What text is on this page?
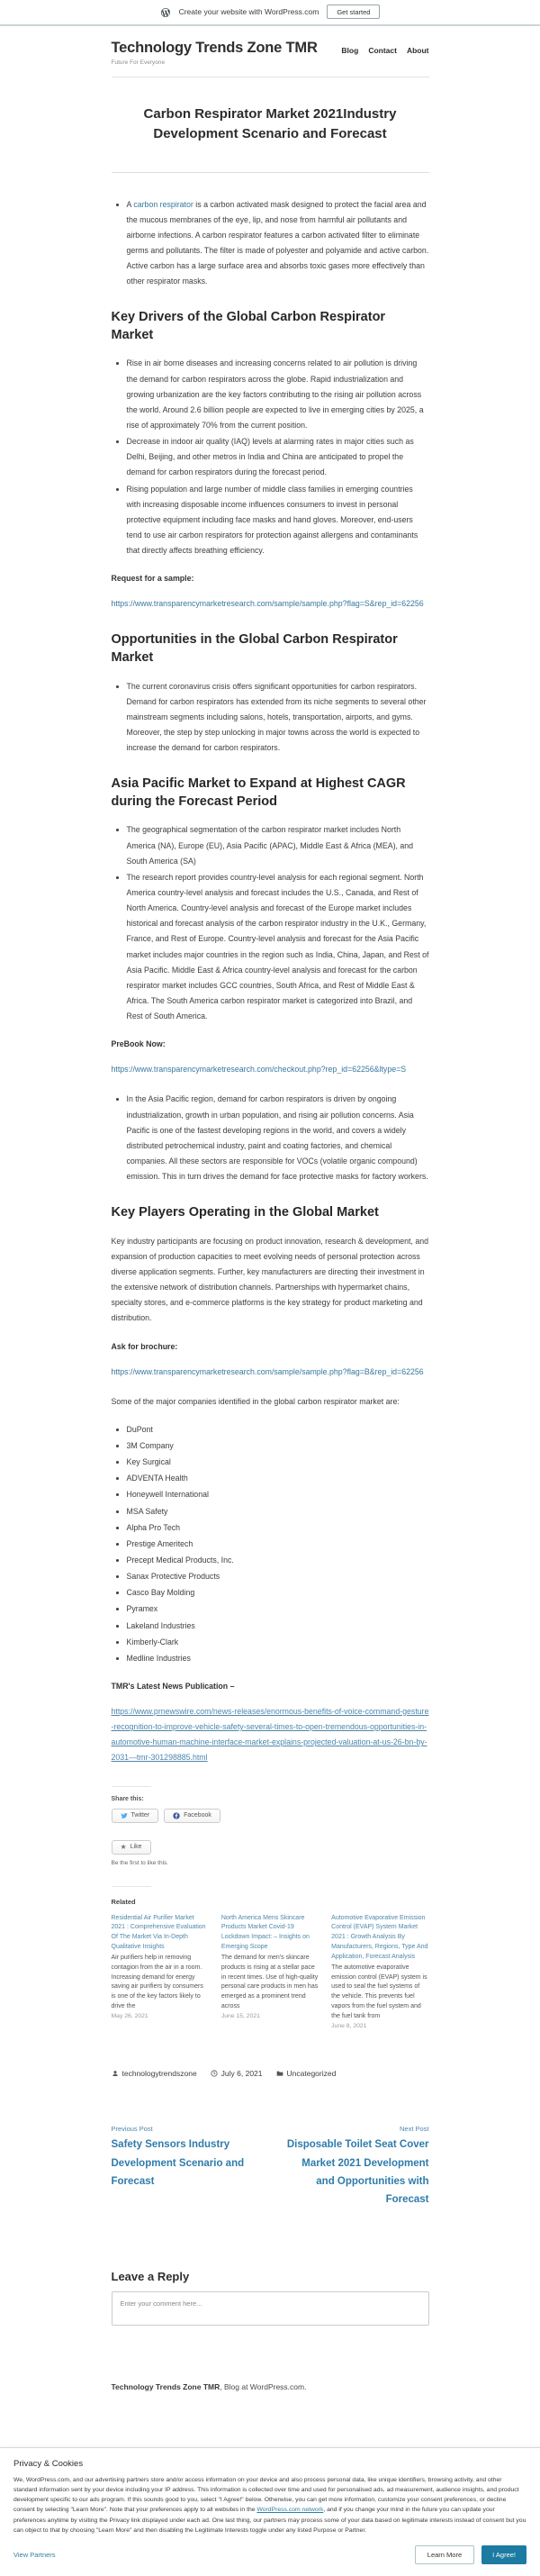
Create your website with WordPress.com	Get started
Technology Trends Zone TMR
Future For Everyone
Blog Contact About
Carbon Respirator Market 2021Industry Development Scenario and Forecast
• A carbon respirator is a carbon activated mask designed to protect the facial area and the mucous membranes of the eye, lip, and nose from harmful air pollutants and airborne infections. A carbon respirator features a carbon activated filter to eliminate germs and pollutants. The filter is made of polyester and polyamide and active carbon. Active carbon has a large surface area and absorbs toxic gases more effectively than other respirator masks.
Key Drivers of the Global Carbon Respirator Market
• Rise in air borne diseases and increasing concerns related to air pollution is driving the demand for carbon respirators across the globe. Rapid industrialization and growing urbanization are the key factors contributing to the rising air pollution across the world. Around 2.6 billion people are expected to live in emerging cities by 2025, a rise of approximately 70% from the current position.
• Decrease in indoor air quality (IAQ) levels at alarming rates in major cities such as Delhi, Beijing, and other metros in India and China are anticipated to propel the demand for carbon respirators during the forecast period.
• Rising population and large number of middle class families in emerging countries with increasing disposable income influences consumers to invest in personal protective equipment including face masks and hand gloves. Moreover, end-users tend to use air carbon respirators for protection against allergens and contaminants that directly affects breathing efficiency.

Request for a sample:

https://www.transparencymarketresearch.com/sample/sample.php?flag=S&rep_id=62256
Opportunities in the Global Carbon Respirator Market
• The current coronavirus crisis offers significant opportunities for carbon respirators. Demand for carbon respirators has extended from its niche segments to several other mainstream segments including salons, hotels, transportation, airports, and gyms. Moreover, the step by step unlocking in major towns across the world is expected to increase the demand for carbon respirators.
Asia Pacific Market to Expand at Highest CAGR during the Forecast Period
• The geographical segmentation of the carbon respirator market includes North America (NA), Europe (EU), Asia Pacific (APAC), Middle East & Africa (MEA), and South America (SA)
• The research report provides country-level analysis for each regional segment. North America country-level analysis and forecast includes the U.S., Canada, and Rest of North America. Country-level analysis and forecast of the Europe market includes historical and forecast analysis of the carbon respirator industry in the U.K., Germany, France, and Rest of Europe. Country-level analysis and forecast for the Asia Pacific market includes major countries in the region such as India, China, Japan, and Rest of Asia Pacific. Middle East & Africa country-level analysis and forecast for the carbon respirator market includes GCC countries, South Africa, and Rest of Middle East & Africa. The South America carbon respirator market is categorized into Brazil, and Rest of South America.

PreBook Now:

https://www.transparencymarketresearch.com/checkout.php?rep_id=62256&ltype=S
• In the Asia Pacific region, demand for carbon respirators is driven by ongoing industrialization, growth in urban population, and rising air pollution concerns. Asia Pacific is one of the fastest developing regions in the world, and covers a widely distributed petrochemical industry, paint and coating factories, and chemical companies. All these sectors are responsible for VOCs (volatile organic compound) emission. This in turn drives the demand for face protective masks for factory workers.
Key Players Operating in the Global Market

Key industry participants are focusing on product innovation, research & development, and expansion of production capacities to meet evolving needs of personal protection across diverse application segments. Further, key manufacturers are directing their investment in the extensive network of distribution channels. Partnerships with hypermarket chains, specialty stores, and e-commerce platforms is the key strategy for product marketing and distribution.

Ask for brochure:

https://www.transparencymarketresearch.com/sample/sample.php?flag=B&rep_id=62256

Some of the major companies identified in the global carbon respirator market are:

• DuPont
• 3M Company
• Key Surgical
• ADVENTA Health
• Honeywell International
• MSA Safety
• Alpha Pro Tech
• Prestige Ameritech
• Precept Medical Products, Inc.
• Sanax Protective Products
• Casco Bay Molding
• Pyramex
• Lakeland Industries
• Kimberly-Clark
• Medline Industries

TMR's Latest News Publication –

https://www.prnewswire.com/news-releases/enormous-benefits-of-voice-command-gesture-recognition-to-improve-vehicle-safety-several-times-to-open-tremendous-opportunities-in-automotive-human-machine-interface-market-explains-projected-valuation-at-us-26-bn-by-2031—tmr-301298885.html
Share this:
Twitter	Facebook
★ Like
Be the first to like this.
Related
Residential Air Purifier Market 2021 : Comprehensive Evaluation Of The Market Via In-Depth Qualitative Insights
Air purifiers help in removing contagion from the air in a room. Increasing demand for energy saving air purifiers by consumers is one of the key factors likely to drive the
May 26, 2021
North America Mens Skincare Products Market Covid-19 Lockdown Impact: – Insights on Emerging Scope
The demand for men's skincare products is rising at a stellar pace in recent times. Use of high-quality personal care products in men has emerged as a prominent trend across
June 15, 2021
Automotive Evaporative Emission Control (EVAP) System Market 2021 : Growth Analysis By Manufacturers, Regions, Type And Application, Forecast Analysis
The automotive evaporative emission control (EVAP) system is used to seal the fuel systems of the vehicle. This prevents fuel vapors from the fuel system and the fuel tank from
June 8, 2021
technologytrendszone	July 6, 2021	Uncategorized
Previous Post
Safety Sensors Industry Development Scenario and Forecast
Next Post
Disposable Toilet Seat Cover Market 2021 Development and Opportunities with Forecast
Leave a Reply
Enter your comment here...
Technology Trends Zone TMR, Blog at WordPress.com.
Privacy & Cookies

We, WordPress.com, and our advertising partners store and/or access information on your device and also process personal data, like unique identifiers, browsing activity, and other standard information sent by your device including your IP address. This information is collected over time and used for personalised ads, ad measurement, audience insights, and product development specific to our ads program. If this sounds good to you, select "I Agree!" below. Otherwise, you can get more information, customize your consent preferences, or decline consent by selecting "Learn More". Note that your preferences apply to all websites in the WordPress.com network, and if you change your mind in the future you can update your preferences anytime by visiting the Privacy link displayed under each ad. One last thing, our partners may process some of your data based on legitimate interests instead of consent but you can object to that by choosing "Learn More" and then disabling the Legitimate Interests toggle under any listed Purpose or Partner.

View Partners	Learn More	I Agree!
